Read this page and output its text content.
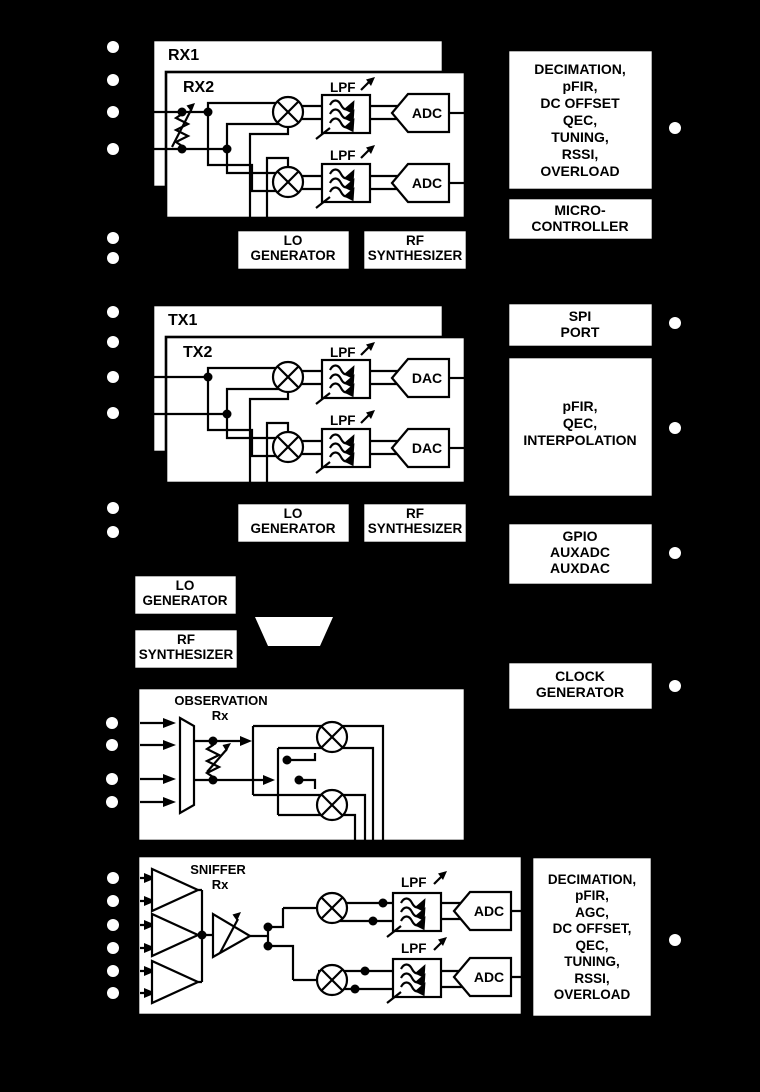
RX1
RX2	LPF
LPF
ADC
ADC
LO
GENERATOR
RF
SYNTHESIZER
TX1
TX2	LPF
LPF
DAC
DAC
LO
GENERATOR
RF
SYNTHESIZER
LO
GENERATOR
RF
SYNTHESIZER
OBSERVATION
Rx
SNIFFER
Rx	LPF
LPF
ADC
ADC
DECIMATION,
pFIR,
DC OFFSET
QEC,
TUNING,
RSSI,
OVERLOAD
MICRO-
CONTROLLER
SPI
PORT
pFIR,
QEC,
INTERPOLATION
GPIO
AUXADC
AUXDAC
CLOCK
GENERATOR
DECIMATION,
pFIR,
AGC,
DC OFFSET,
QEC,
TUNING,
RSSI,
OVERLOAD
